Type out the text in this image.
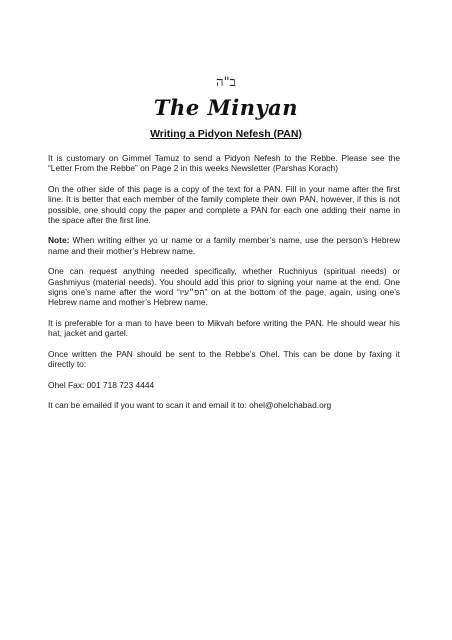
ב"ה
The Minyan
Writing a Pidyon Nefesh (PAN)

It is customary on Gimmel Tamuz to send a Pidyon Nefesh to the Rebbe. Please see the “Letter From the Rebbe” on Page 2 in this weeks Newsletter (Parshas Korach)

On the other side of this page is a copy of the text for a PAN. Fill in your name after the first line. It is better that each member of the family complete their own PAN, however, if this is not possible, one should copy the paper and complete a PAN for each one adding their name in the space after the first line.

Note: When writing either yo ur name or a family member’s name, use the person’s Hebrew name and their mother’s Hebrew name.

One can request anything needed specifically, whether Ruchniyus (spiritual needs) or Gashmiyus (material needs). You should add this prior to signing your name at the end. One signs one’s name after the word “הפ״עיו” on at the bottom of the page, again, using one’s Hebrew name and mother’s Hebrew name.

It is preferable for a man to have been to Mikvah before writing the PAN. He should wear his hat, jacket and gartel.

Once written the PAN should be sent to the Rebbe’s Ohel. This can be done by faxing it directly to:

Ohel Fax: 001 718 723 4444

It can be emailed if you want to scan it and email it to: ohel@ohelchabad.org
